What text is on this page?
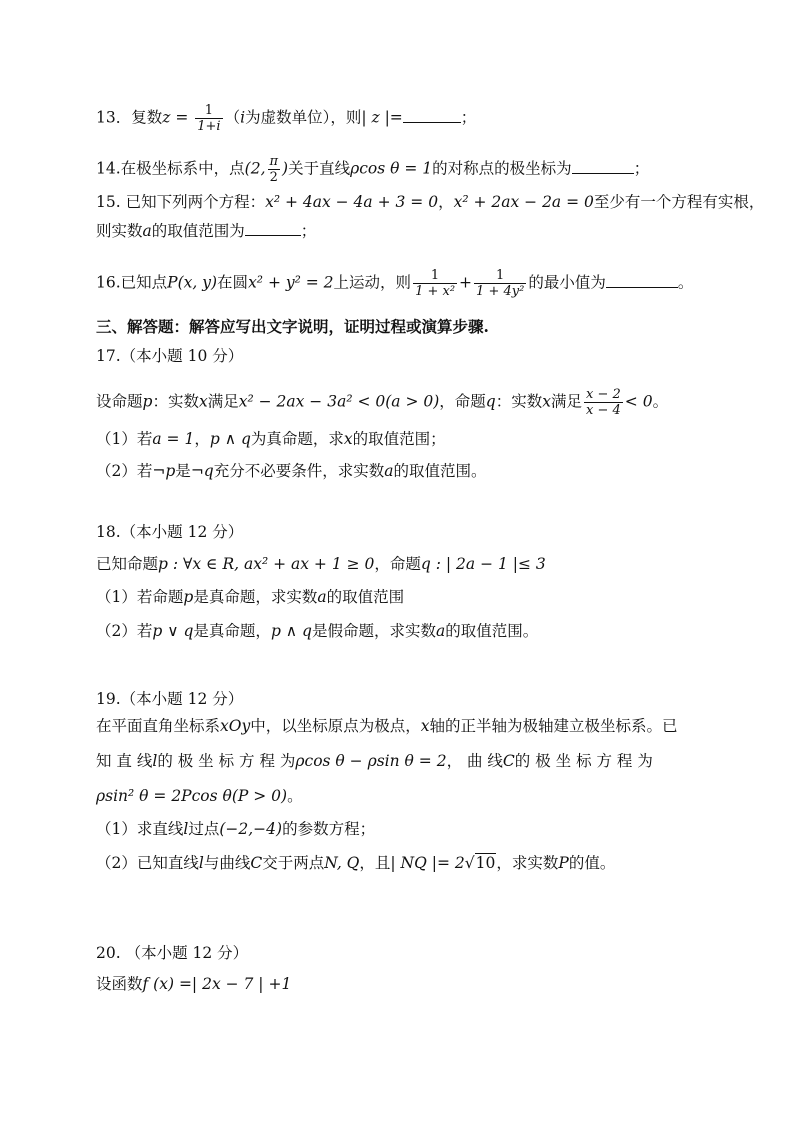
13．复数$z = \frac{1}{1+i} (i$为虚数单位），则| z |=	；
14.在极坐标系中，点(2, $\frac{\pi}{2}$ )关于直线ρcos θ = 1的对称点的极坐标为	；
15. 已知下列两个方程：x² + 4ax − 4a + 3 = 0，x² + 2ax − 2a = 0至少有一个方程有实根，
则实数a的取值范围为	；
16.已知点P(x, y)在圆x² + y² = 2上运动，则 $\frac{1}{\text{1 + x²}} + \frac{1}{\text{1 + 4y²}}$ 的最小值为	。
三、解答题：解答应写出文字说明，证明过程或演算步骤.
17.（本小题 10 分）
设命题p：实数x满足x² − 2ax − 3a² < 0(a > 0)，命题q：实数x满足 $\frac{x - 2}{x - 4} < 0$。
（1）若a = 1，p ∧ q为真命题，求x的取值范围；
（2）若¬p是¬q充分不必要条件，求实数a的取值范围。
18.（本小题 12 分）
已知命题p : ∀x ∈ R, ax² + ax + 1 ≥ 0，命题q : | 2a − 1 |≤ 3
（1）若命题p是真命题，求实数a的取值范围
（2）若p ∨ q是真命题，p ∧ q是假命题，求实数a的取值范围。
19.（本小题 12 分）
在平面直角坐标系xOy中，以坐标原点为极点，x轴的正半轴为极轴建立极坐标系。已
知 直 线l的 极 坐 标 方 程 为ρcos θ − ρsin θ = 2， 曲 线C的 极 坐 标 方 程 为
ρsin² θ = 2Pcos θ(P > 0)。
（1）求直线l过点(−2,−4)的参数方程；
（2）已知直线l与曲线C交于两点N, Q，且| NQ |= 2√10，求实数P的值。
20. （本小题 12 分）
设函数f (x) =| 2x − 7 | +1
